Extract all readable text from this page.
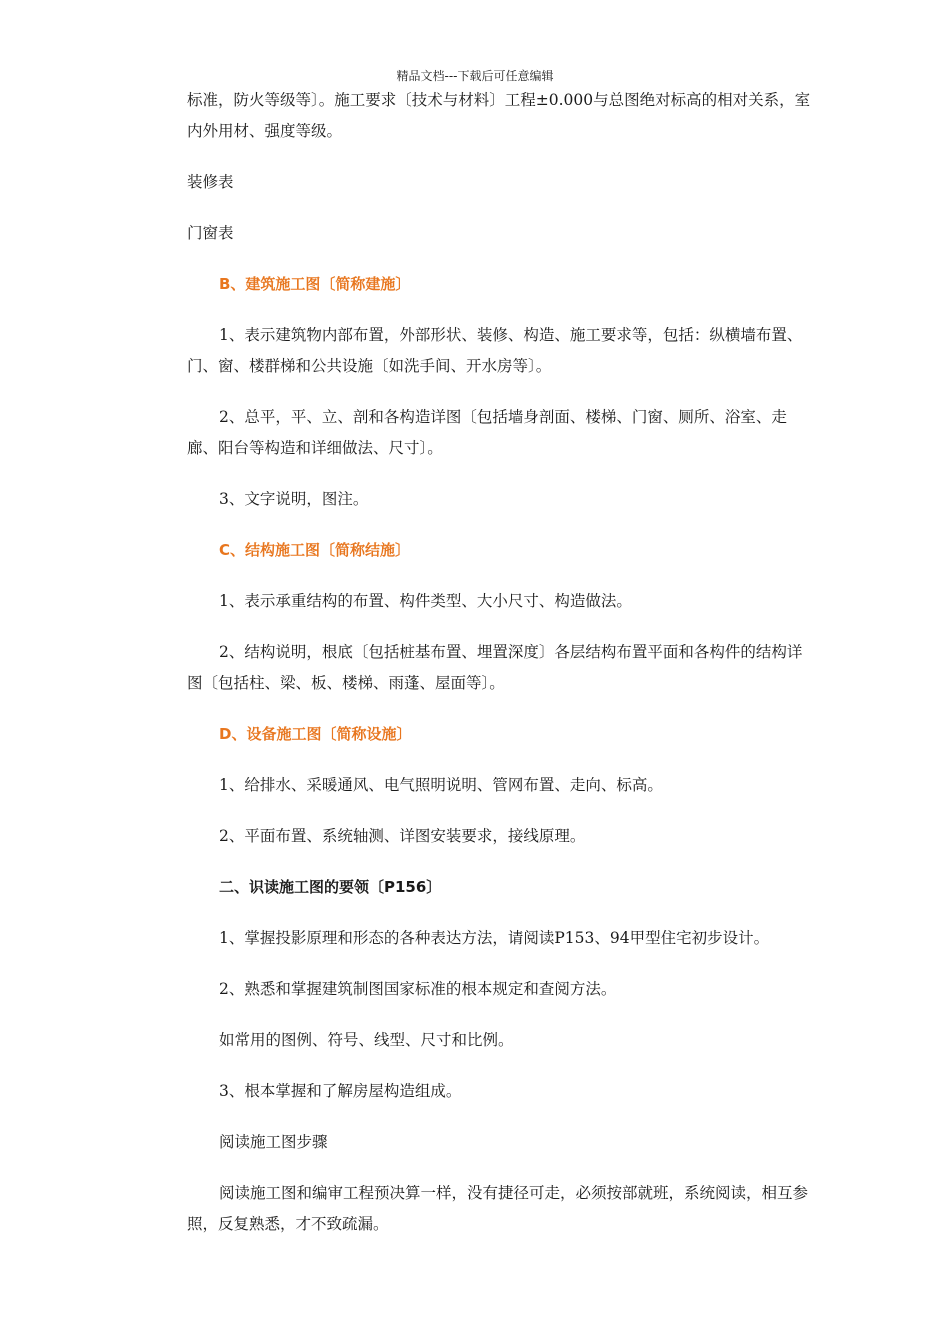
精品文档---下载后可任意编辑

标准，防火等级等〕。施工要求〔技术与材料〕工程±0.000与总图绝对标高的相对关系，室内外用材、强度等级。

装修表

门窗表

B、建筑施工图〔简称建施〕

1、表示建筑物内部布置，外部形状、装修、构造、施工要求等，包括：纵横墙布置、门、窗、楼群梯和公共设施〔如洗手间、开水房等〕。

2、总平，平、立、剖和各构造详图〔包括墙身剖面、楼梯、门窗、厕所、浴室、走廊、阳台等构造和详细做法、尺寸〕。

3、文字说明，图注。

C、结构施工图〔简称结施〕

1、表示承重结构的布置、构件类型、大小尺寸、构造做法。

2、结构说明，根底〔包括桩基布置、埋置深度〕各层结构布置平面和各构件的结构详图〔包括柱、梁、板、楼梯、雨蓬、屋面等〕。

D、设备施工图〔简称设施〕

1、给排水、采暖通风、电气照明说明、管网布置、走向、标高。

2、平面布置、系统轴测、详图安装要求，接线原理。

二、识读施工图的要领〔P156〕

1、掌握投影原理和形态的各种表达方法，请阅读P153、94甲型住宅初步设计。

2、熟悉和掌握建筑制图国家标准的根本规定和查阅方法。

如常用的图例、符号、线型、尺寸和比例。

3、根本掌握和了解房屋构造组成。

阅读施工图步骤

阅读施工图和编审工程预决算一样，没有捷径可走，必须按部就班，系统阅读，相互参照，反复熟悉，才不致疏漏。
